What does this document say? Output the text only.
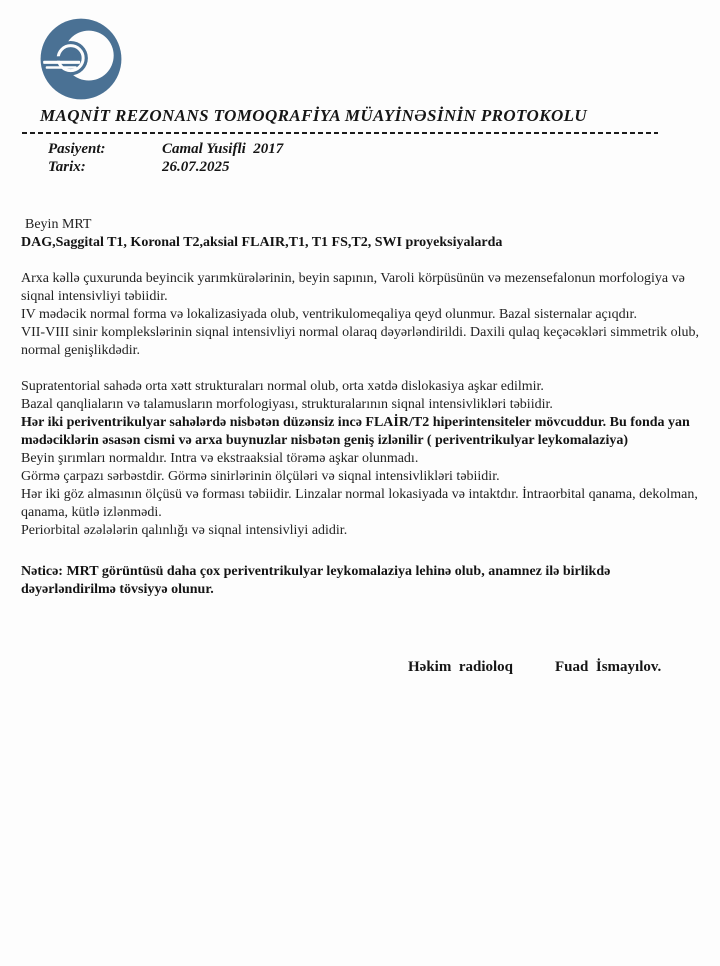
MAQNİT REZONANS TOMOQRAFİYA MÜAYİNƏSİNİN PROTOKOLU
Pasiyent:	Camal Yusifli  2017
Tarix:	26.07.2025

Beyin MRT

DAG,Saggital T1, Koronal T2,aksial FLAIR,T1, T1 FS,T2, SWI proyeksiyalarda

Arxa kəllə çuxurunda beyincik yarımkürələrinin, beyin sapının, Varoli körpüsünün və mezensefalonun morfologiya və siqnal intensivliyi təbiidir.

IV mədəcik normal forma və lokalizasiyada olub, ventrikulomeqaliya qeyd olunmur. Bazal sisternalar açıqdır.

VII-VIII sinir komplekslərinin siqnal intensivliyi normal olaraq dəyərləndirildi. Daxili qulaq keçəcəkləri simmetrik olub, normal genişlikdədir.

Supratentorial sahədə orta xətt strukturaları normal olub, orta xətdə dislokasiya aşkar edilmir.

Bazal qanqliaların və talamusların morfologiyası, strukturalarının siqnal intensivlikləri təbiidir.

Hər iki periventrikulyar sahələrdə nisbətən düzənsiz incə FLAİR/T2 hiperintensiteler mövcuddur. Bu fonda yan mədəciklərin əsasən cismi və arxa buynuzlar nisbətən geniş izlənilir ( periventrikulyar leykomalaziya)

Beyin şırımları normaldır. Intra və ekstraaksial törəmə aşkar olunmadı.

Görmə çarpazı sərbəstdir. Görmə sinirlərinin ölçüləri və siqnal intensivlikləri təbiidir.

Hər iki göz almasının ölçüsü və forması təbiidir. Linzalar normal lokasiyada və intaktdır. İntraorbital qanama, dekolman, qanama, kütlə izlənmədi.

Periorbital əzələlərin qalınlığı və siqnal intensivliyi adidir.

Nəticə: MRT görüntüsü daha çox periventrikulyar leykomalaziya lehinə olub, anamnez ilə birlikdə dəyərləndirilmə tövsiyyə olunur.

Həkim  radioloq	Fuad  İsmayılov.
